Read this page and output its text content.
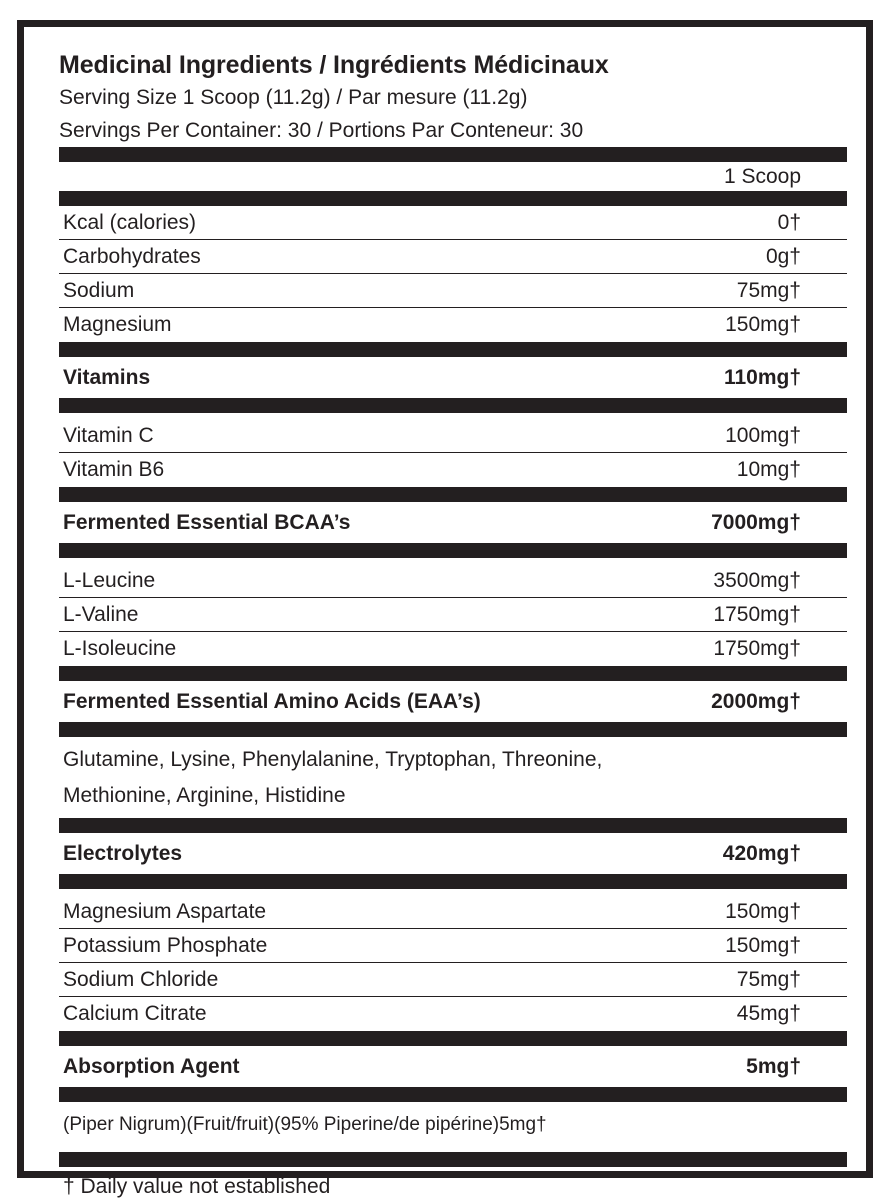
Medicinal Ingredients / Ingrédients Médicinaux

Serving Size 1 Scoop (11.2g) / Par mesure (11.2g)

Servings Per Container: 30 / Portions Par Conteneur: 30

1 Scoop
Kcal (calories)	0†
Carbohydrates	0g†
Sodium	75mg†
Magnesium	150mg†
Vitamins	110mg†
Vitamin C	100mg†
Vitamin B6	10mg†
Fermented Essential BCAA’s	7000mg†
L-Leucine	3500mg†
L-Valine	1750mg†
L-Isoleucine	1750mg†
Fermented Essential Amino Acids (EAA’s)	2000mg†
Glutamine, Lysine, Phenylalanine, Tryptophan, Threonine,
Methionine, Arginine, Histidine
Electrolytes	420mg†
Magnesium Aspartate	150mg†
Potassium Phosphate	150mg†
Sodium Chloride	75mg†
Calcium Citrate	45mg†
Absorption Agent	5mg†
(Piper Nigrum)(Fruit/fruit)(95% Piperine/de pipérine)5mg†
† Daily value not established
